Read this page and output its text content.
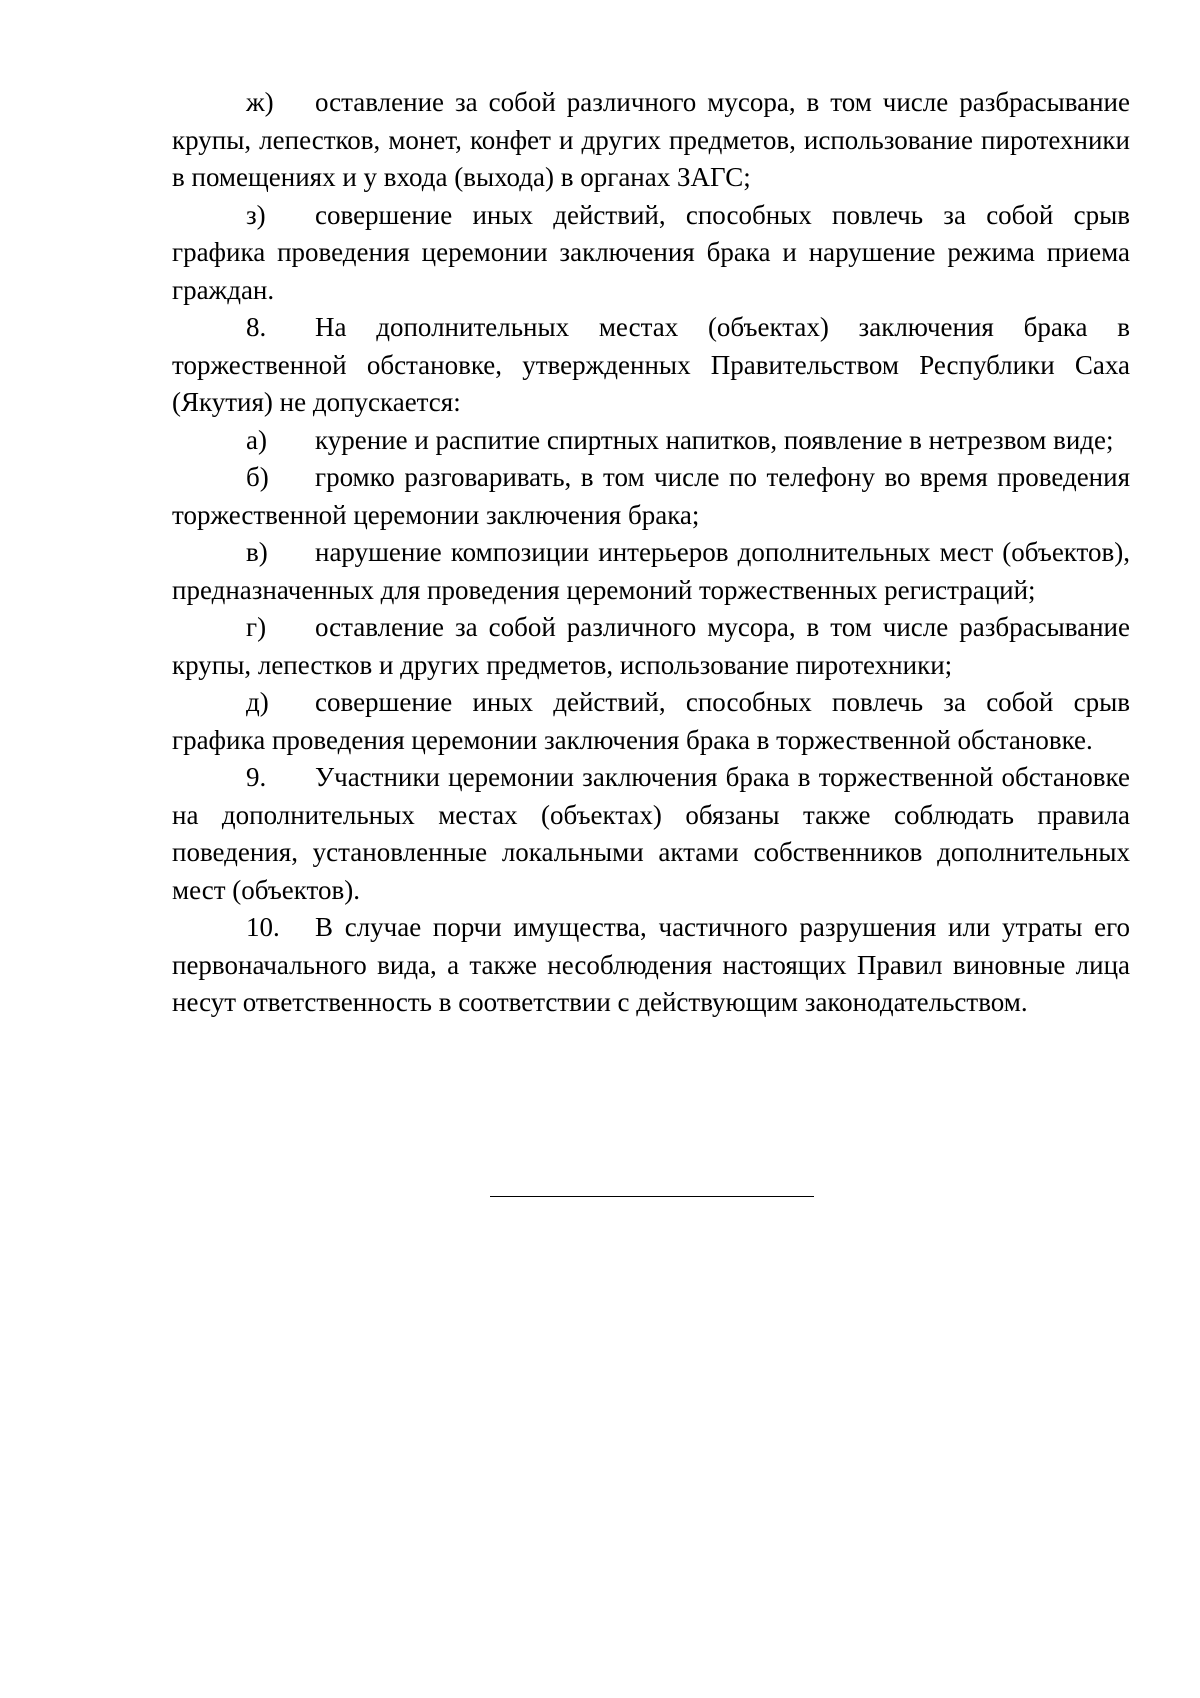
ж) оставление за собой различного мусора, в том числе разбрасывание крупы, лепестков, монет, конфет и других предметов, использование пиротехники в помещениях и у входа (выхода) в органах ЗАГС;

з) совершение иных действий, способных повлечь за собой срыв графика проведения церемонии заключения брака и нарушение режима приема граждан.

8. На дополнительных местах (объектах) заключения брака в торжественной обстановке, утвержденных Правительством Республики Саха (Якутия) не допускается:

а) курение и распитие спиртных напитков, появление в нетрезвом виде;

б) громко разговаривать, в том числе по телефону во время проведения торжественной церемонии заключения брака;

в) нарушение композиции интерьеров дополнительных мест (объектов), предназначенных для проведения церемоний торжественных регистраций;

г) оставление за собой различного мусора, в том числе разбрасывание крупы, лепестков и других предметов, использование пиротехники;

д) совершение иных действий, способных повлечь за собой срыв графика проведения церемонии заключения брака в торжественной обстановке.

9. Участники церемонии заключения брака в торжественной обстановке на дополнительных местах (объектах) обязаны также соблюдать правила поведения, установленные локальными актами собственников дополнительных мест (объектов).

10. В случае порчи имущества, частичного разрушения или утраты его первоначального вида, а также несоблюдения настоящих Правил виновные лица несут ответственность в соответствии с действующим законодательством.
